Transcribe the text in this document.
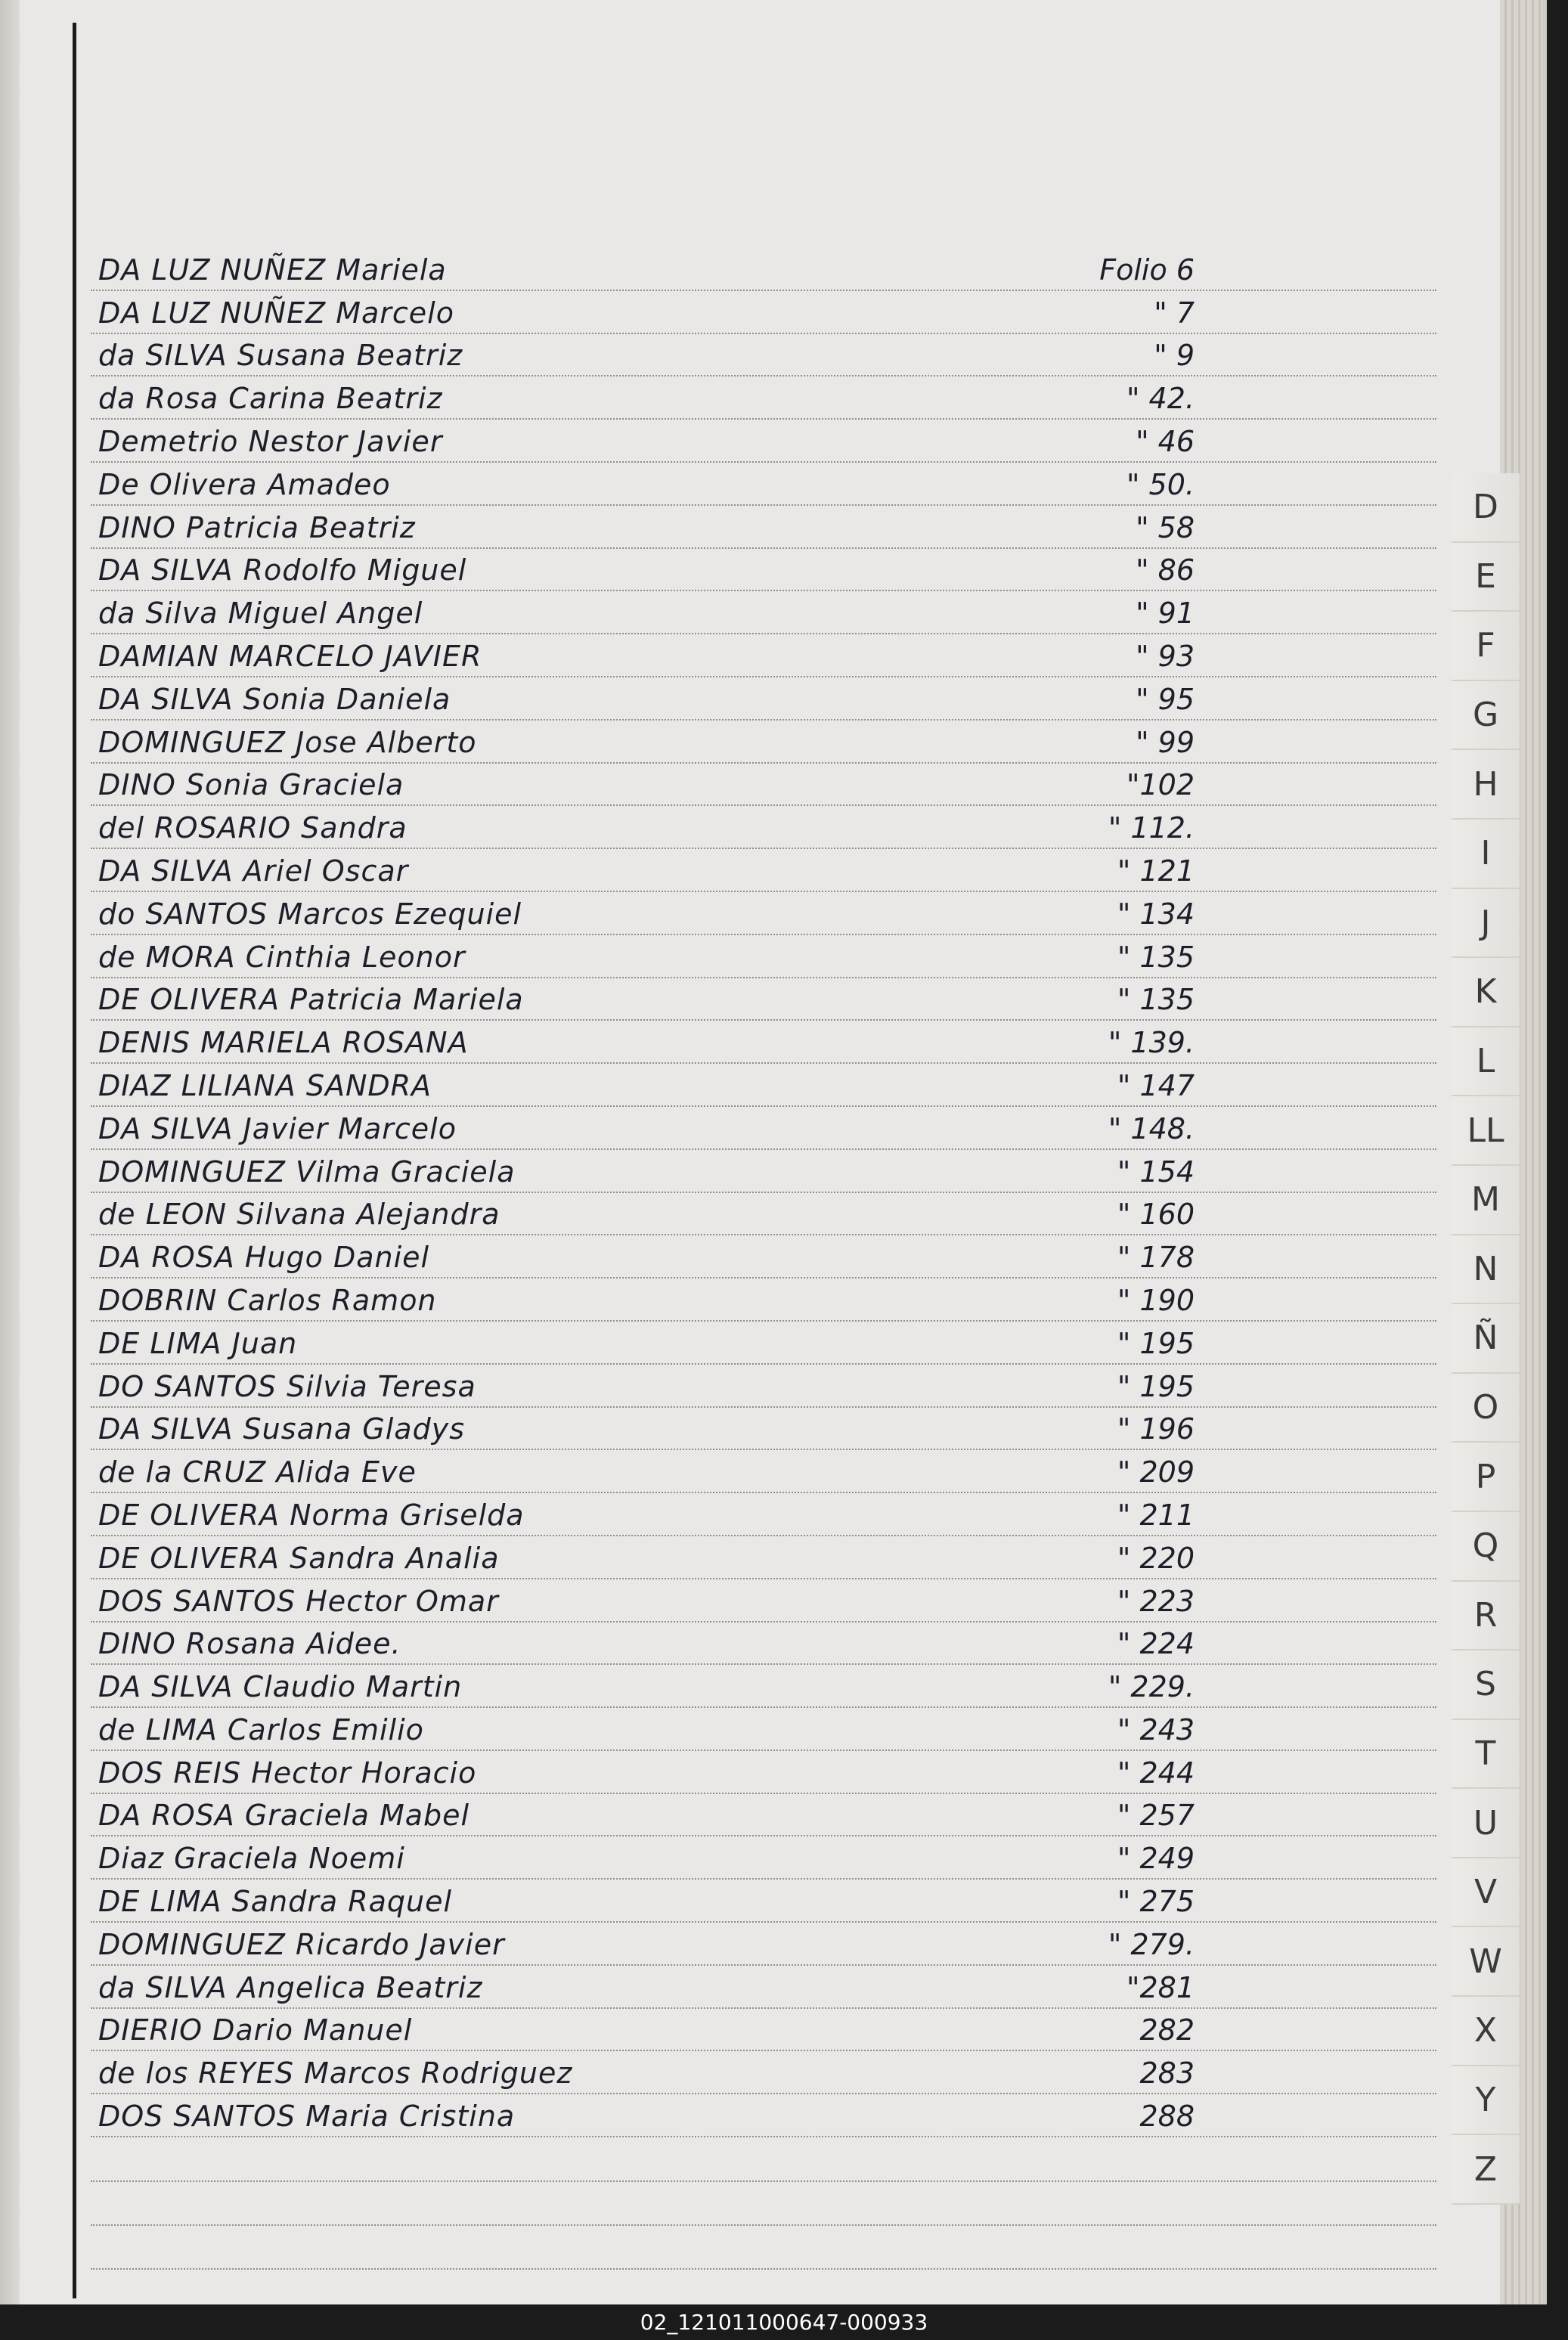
DA LUZ NUÑEZ Mariela	Folio 6
DA LUZ NUÑEZ Marcelo	" 7
da SILVA Susana Beatriz	" 9
da Rosa Carina Beatriz	" 42.
Demetrio Nestor Javier	" 46
De Olivera Amadeo	" 50.
DINO Patricia Beatriz	" 58
DA SILVA Rodolfo Miguel	" 86
da Silva Miguel Angel	" 91
DAMIAN MARCELO JAVIER	" 93
DA SILVA Sonia Daniela	" 95
DOMINGUEZ Jose Alberto	" 99
DINO Sonia Graciela	"102
del ROSARIO Sandra	" 112.
DA SILVA Ariel Oscar	" 121
do SANTOS Marcos Ezequiel	" 134
de MORA Cinthia Leonor	" 135
DE OLIVERA Patricia Mariela	" 135
DENIS MARIELA ROSANA	" 139.
DIAZ LILIANA SANDRA	" 147
DA SILVA Javier Marcelo	" 148.
DOMINGUEZ Vilma Graciela	" 154
de LEON Silvana Alejandra	" 160
DA ROSA Hugo Daniel	" 178
DOBRIN Carlos Ramon	" 190
DE LIMA Juan	" 195
DO SANTOS Silvia Teresa	" 195
DA SILVA Susana Gladys	" 196
de la CRUZ Alida Eve	" 209
DE OLIVERA Norma Griselda	" 211
DE OLIVERA Sandra Analia	" 220
DOS SANTOS Hector Omar	" 223
DINO Rosana Aidee.	" 224
DA SILVA Claudio Martin	" 229.
de LIMA Carlos Emilio	" 243
DOS REIS Hector Horacio	" 244
DA ROSA Graciela Mabel	" 257
Diaz Graciela Noemi	" 249
DE LIMA Sandra Raquel	" 275
DOMINGUEZ Ricardo Javier	" 279.
da SILVA Angelica Beatriz	"281
DIERIO Dario Manuel	282
de los REYES Marcos Rodriguez	283
DOS SANTOS Maria Cristina	288
D
E
F
G
H
I
J
K
L
LL
M
N
Ñ
O
P
Q
R
S
T
U
V
W
X
Y
Z
02_121011000647-000933
